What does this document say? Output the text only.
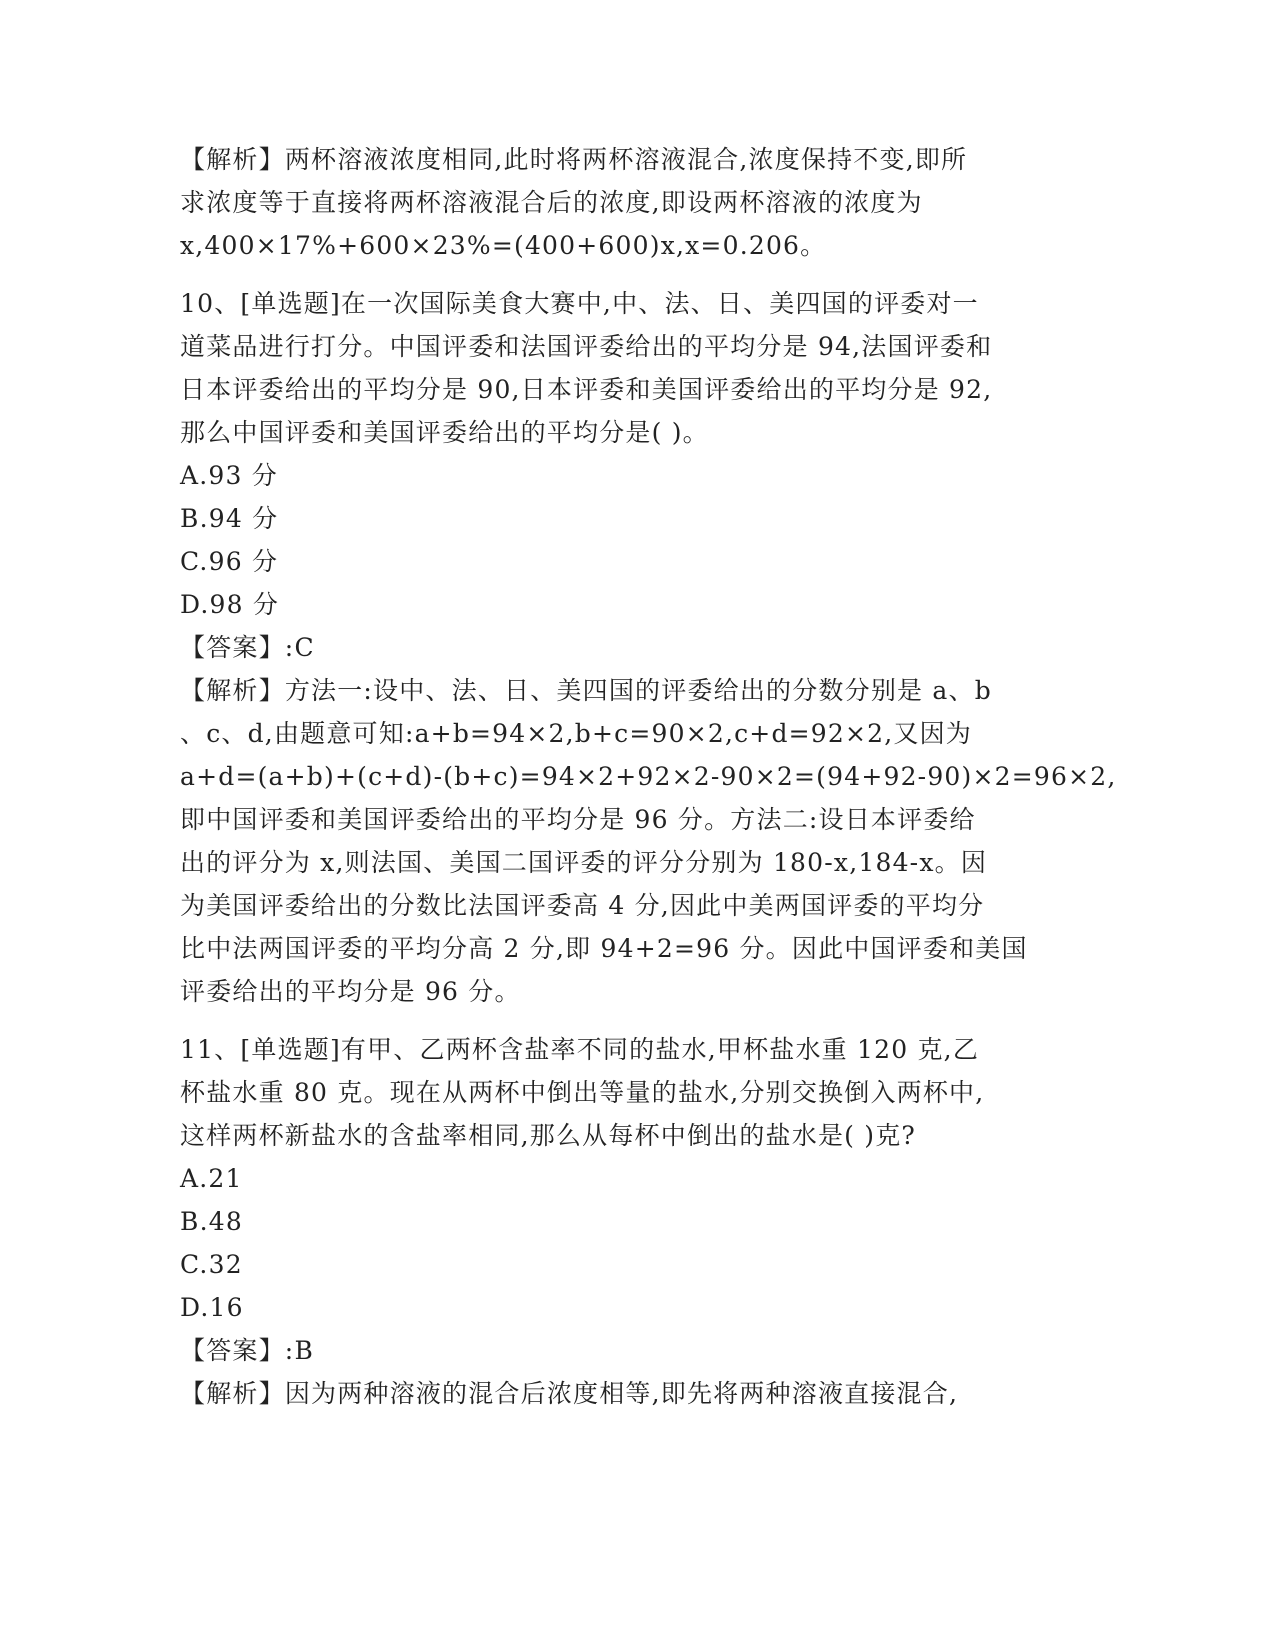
【解析】两杯溶液浓度相同,此时将两杯溶液混合,浓度保持不变,即所
求浓度等于直接将两杯溶液混合后的浓度,即设两杯溶液的浓度为
x,400×17%+600×23%=(400+600)x,x=0.206。
10、[单选题]在一次国际美食大赛中,中、法、日、美四国的评委对一
道菜品进行打分。中国评委和法国评委给出的平均分是 94,法国评委和
日本评委给出的平均分是 90,日本评委和美国评委给出的平均分是 92,
那么中国评委和美国评委给出的平均分是( )。
A.93 分
B.94 分
C.96 分
D.98 分
【答案】:C
【解析】方法一:设中、法、日、美四国的评委给出的分数分别是 a、b
、c、d,由题意可知:a+b=94×2,b+c=90×2,c+d=92×2,又因为
a+d=(a+b)+(c+d)-(b+c)=94×2+92×2-90×2=(94+92-90)×2=96×2,
即中国评委和美国评委给出的平均分是 96 分。方法二:设日本评委给
出的评分为 x,则法国、美国二国评委的评分分别为 180-x,184-x。因
为美国评委给出的分数比法国评委高 4 分,因此中美两国评委的平均分
比中法两国评委的平均分高 2 分,即 94+2=96 分。因此中国评委和美国
评委给出的平均分是 96 分。
11、[单选题]有甲、乙两杯含盐率不同的盐水,甲杯盐水重 120 克,乙
杯盐水重 80 克。现在从两杯中倒出等量的盐水,分别交换倒入两杯中,
这样两杯新盐水的含盐率相同,那么从每杯中倒出的盐水是( )克?
A.21
B.48
C.32
D.16
【答案】:B
【解析】因为两种溶液的混合后浓度相等,即先将两种溶液直接混合,
